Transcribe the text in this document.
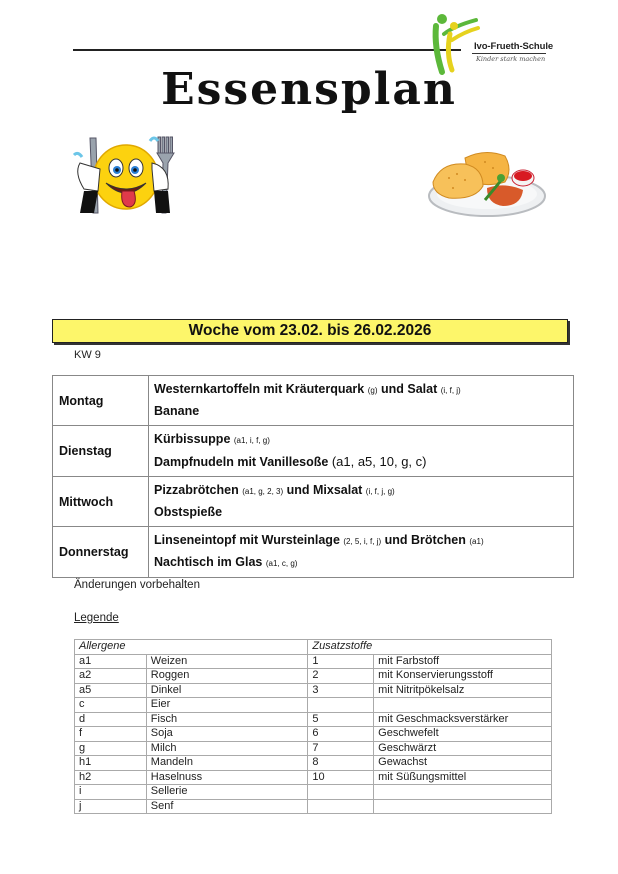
Ivo-Frueth-Schule
Kinder stark machen
Essensplan
Woche vom 23.02. bis 26.02.2026
KW 9
Montag	Westernkartoffeln mit Kräuterquark (g) und Salat (i, f, j)
Banane

Dienstag	Kürbissuppe (a1, i, f, g)
Dampfnudeln mit Vanillesoße (a1, a5, 10, g, c)

Mittwoch	Pizzabrötchen (a1, g, 2, 3) und Mixsalat (i, f, j, g)
Obstspieße

Donnerstag	Linseneintopf mit Wursteinlage (2, 5, i, f, j) und Brötchen (a1)
Nachtisch im Glas (a1, c, g)
Änderungen vorbehalten
Legende
Allergene		Zusatzstoffe	
a1	Weizen	1	mit Farbstoff
a2	Roggen	2	mit Konservierungsstoff
a5	Dinkel	3	mit Nitritpökelsalz
c	Eier		
d	Fisch	5	mit Geschmacksverstärker
f	Soja	6	Geschwefelt
g	Milch	7	Geschwärzt
h1	Mandeln	8	Gewachst
h2	Haselnuss	10	mit Süßungsmittel
i	Sellerie		
j	Senf		
